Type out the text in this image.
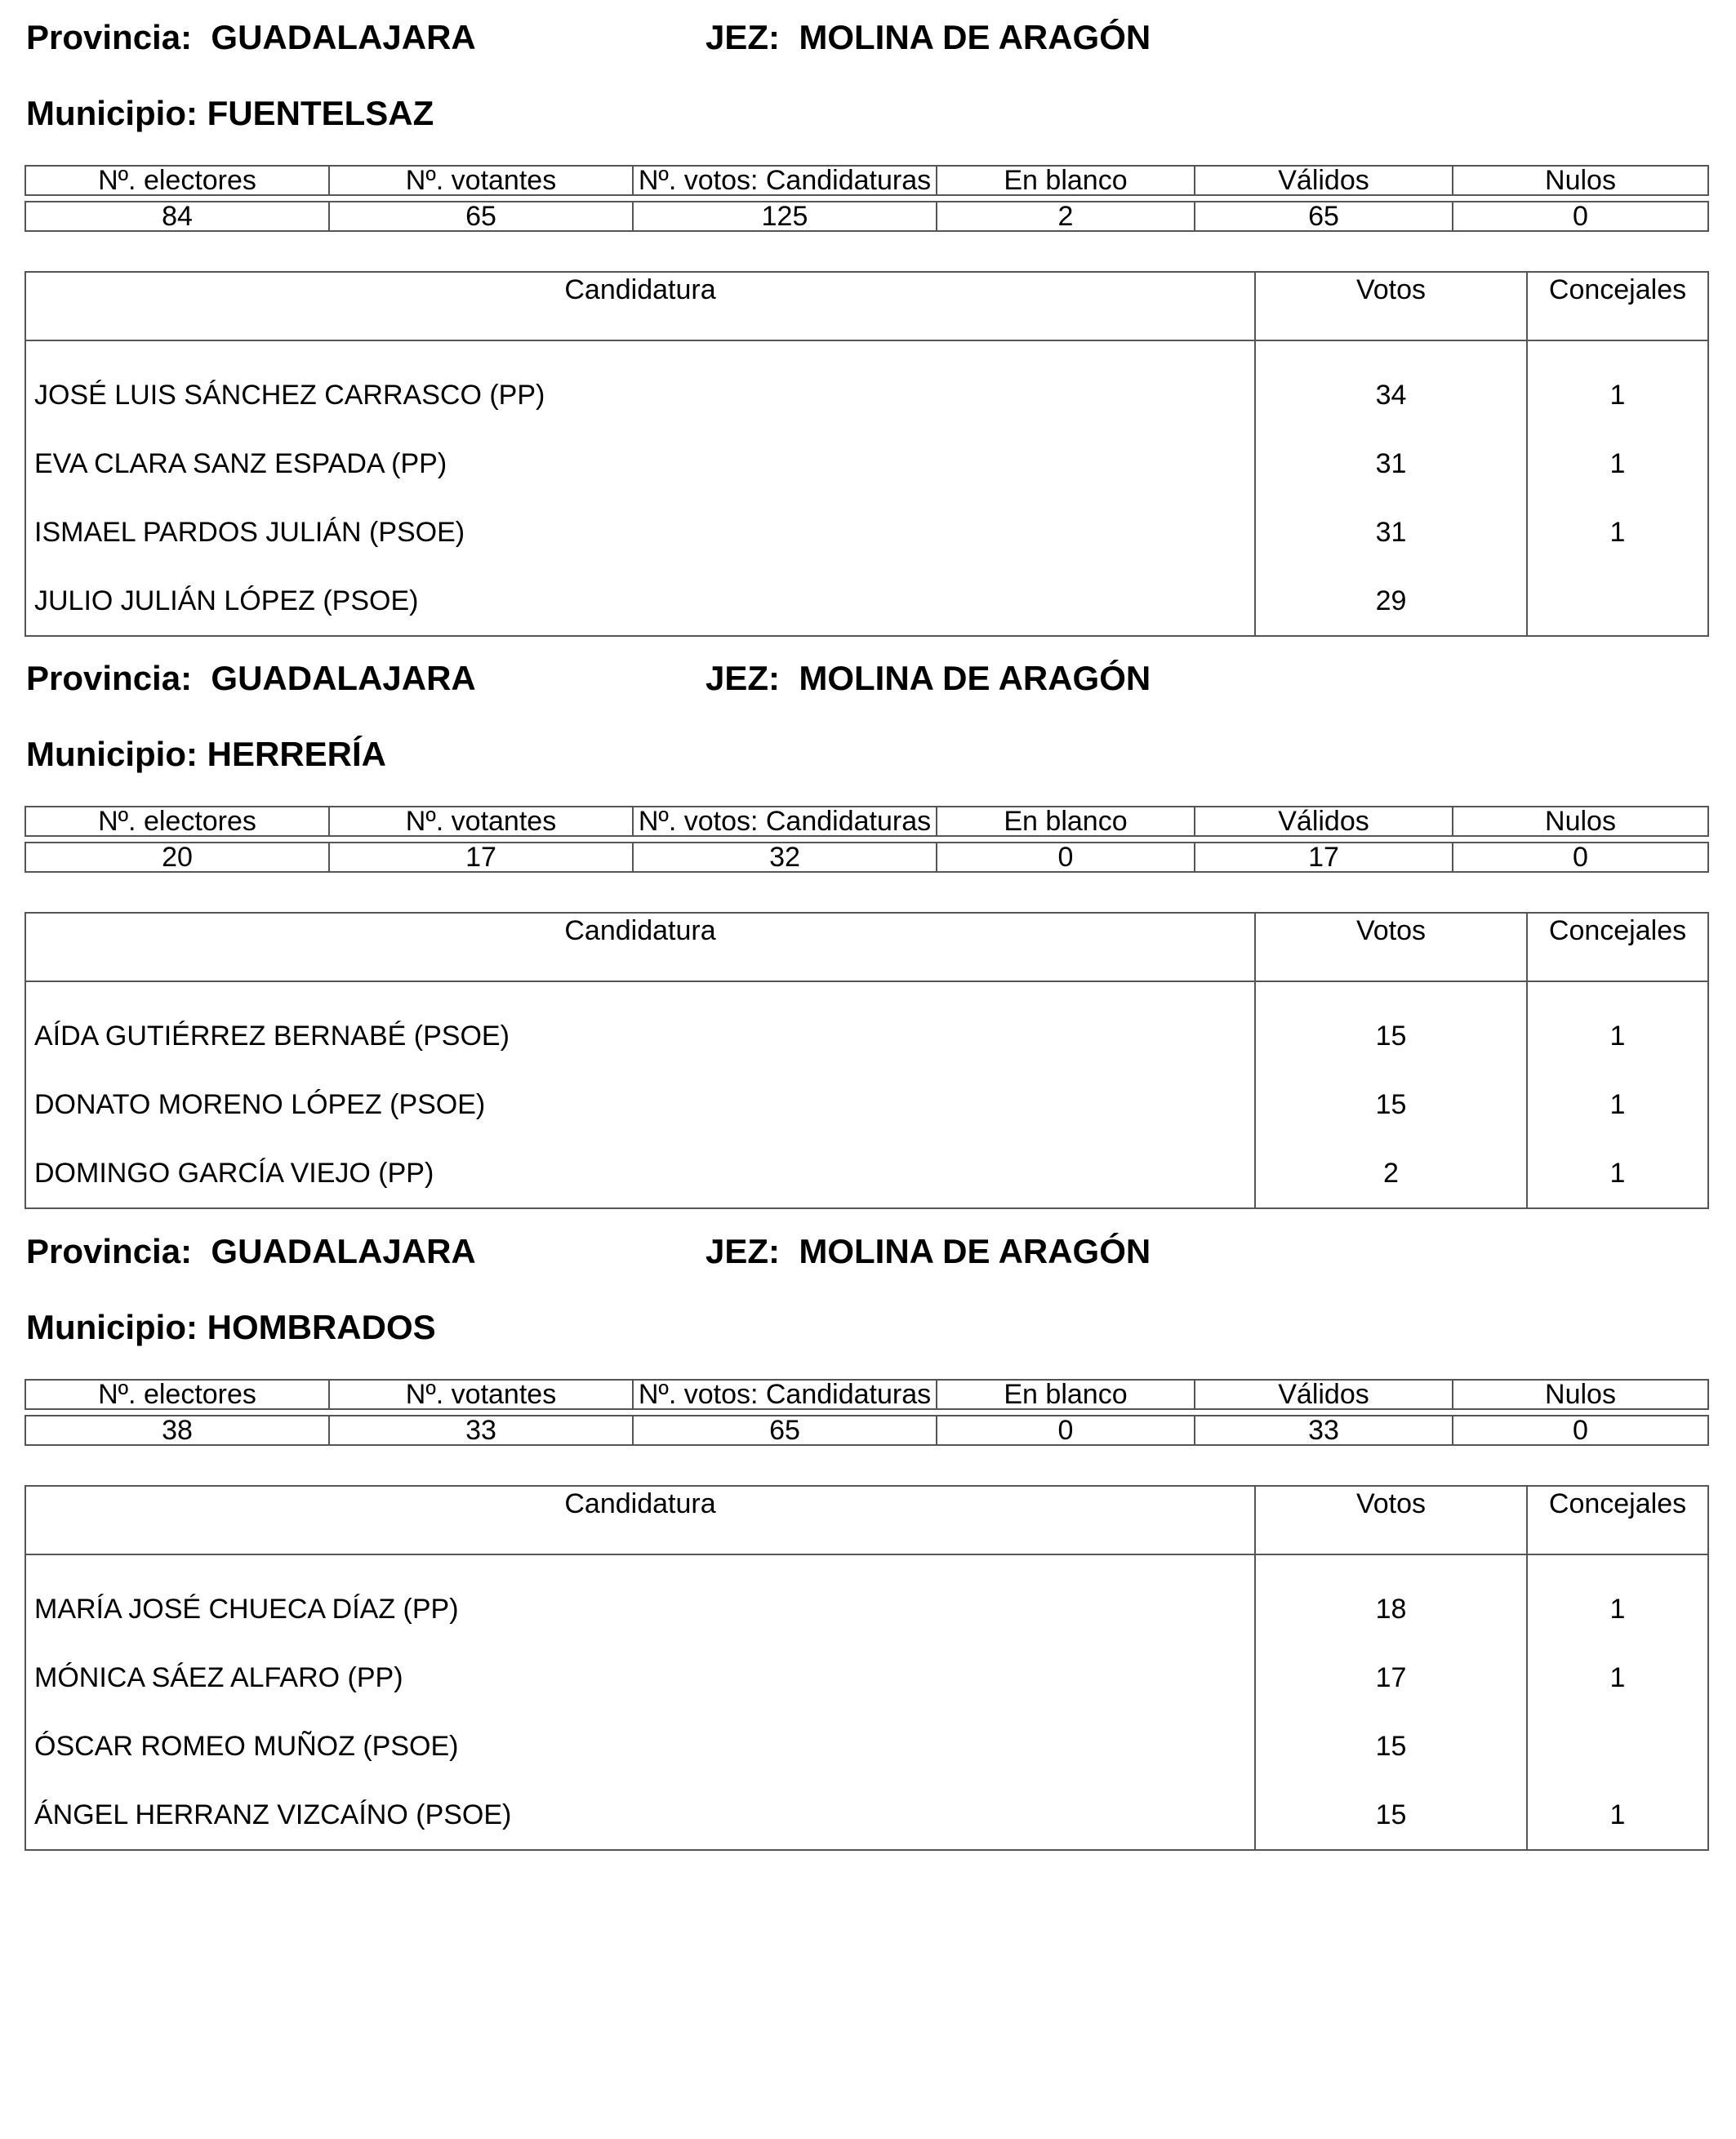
Provincia: GUADALAJARA	JEZ: MOLINA DE ARAGÓN
Municipio: FUENTELSAZ
Nº. electores	Nº. votantes	Nº. votos: Candidaturas	En blanco	Válidos	Nulos
84	65	125	2	65	0
Candidatura	Votos	Concejales
JOSÉ LUIS SÁNCHEZ CARRASCO (PP)	34	1
EVA CLARA SANZ ESPADA (PP)	31	1
ISMAEL PARDOS JULIÁN (PSOE)	31	1
JULIO JULIÁN LÓPEZ (PSOE)	29	
Provincia: GUADALAJARA	JEZ: MOLINA DE ARAGÓN
Municipio: HERRERÍA
Nº. electores	Nº. votantes	Nº. votos: Candidaturas	En blanco	Válidos	Nulos
20	17	32	0	17	0
Candidatura	Votos	Concejales
AÍDA GUTIÉRREZ BERNABÉ (PSOE)	15	1
DONATO MORENO LÓPEZ (PSOE)	15	1
DOMINGO GARCÍA VIEJO (PP)	2	1
Provincia: GUADALAJARA	JEZ: MOLINA DE ARAGÓN
Municipio: HOMBRADOS
Nº. electores	Nº. votantes	Nº. votos: Candidaturas	En blanco	Válidos	Nulos
38	33	65	0	33	0
Candidatura	Votos	Concejales
MARÍA JOSÉ CHUECA DÍAZ (PP)	18	1
MÓNICA SÁEZ ALFARO (PP)	17	1
ÓSCAR ROMEO MUÑOZ (PSOE)	15	
ÁNGEL HERRANZ VIZCAÍNO (PSOE)	15	1
